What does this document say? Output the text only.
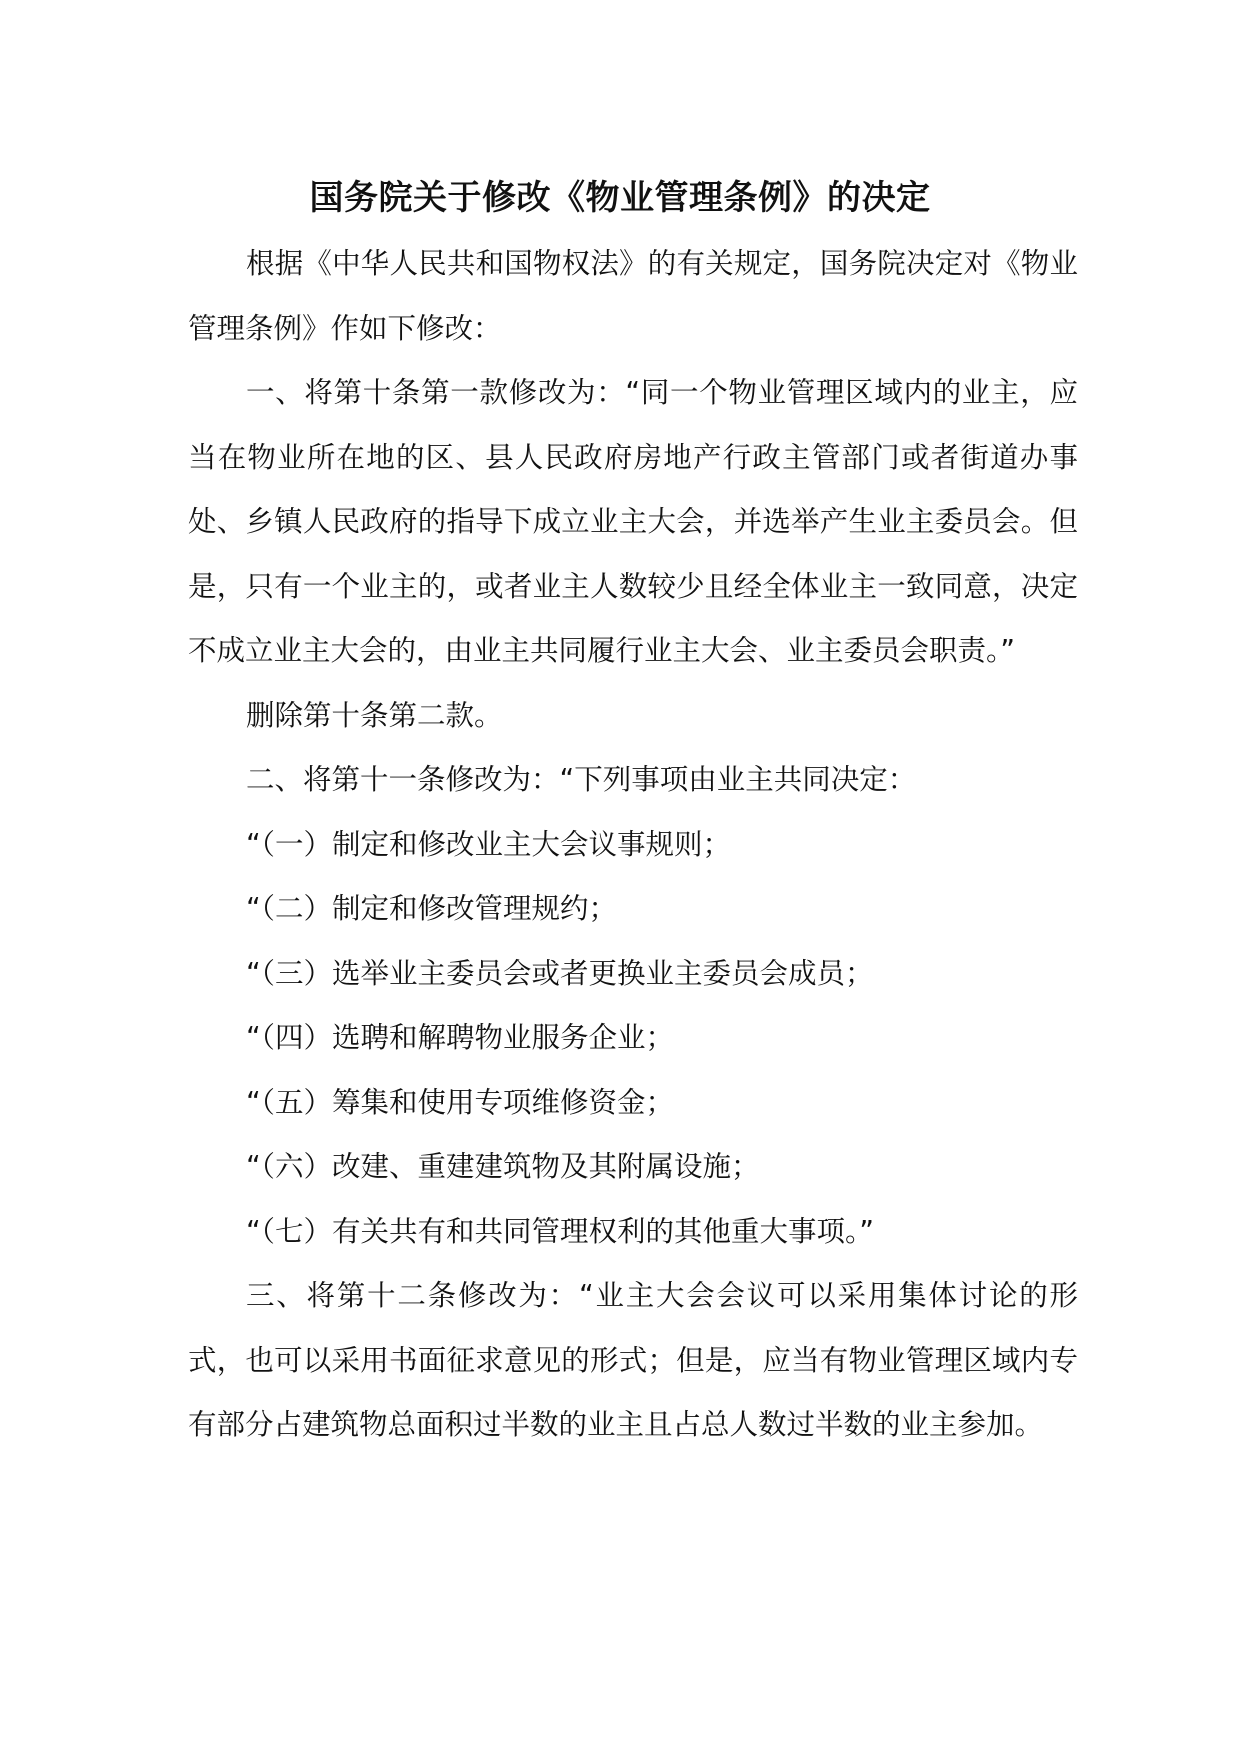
国务院关于修改《物业管理条例》的决定

根据《中华人民共和国物权法》的有关规定，国务院决定对《物业管理条例》作如下修改：

一、将第十条第一款修改为：“同一个物业管理区域内的业主，应当在物业所在地的区、县人民政府房地产行政主管部门或者街道办事处、乡镇人民政府的指导下成立业主大会，并选举产生业主委员会。但是，只有一个业主的，或者业主人数较少且经全体业主一致同意，决定不成立业主大会的，由业主共同履行业主大会、业主委员会职责。”

删除第十条第二款。

二、将第十一条修改为：“下列事项由业主共同决定：

“（一）制定和修改业主大会议事规则；

“（二）制定和修改管理规约；

“（三）选举业主委员会或者更换业主委员会成员；

“（四）选聘和解聘物业服务企业；

“（五）筹集和使用专项维修资金；

“（六）改建、重建建筑物及其附属设施；

“（七）有关共有和共同管理权利的其他重大事项。”

三、将第十二条修改为：“业主大会会议可以采用集体讨论的形式，也可以采用书面征求意见的形式；但是，应当有物业管理区域内专有部分占建筑物总面积过半数的业主且占总人数过半数的业主参加。
